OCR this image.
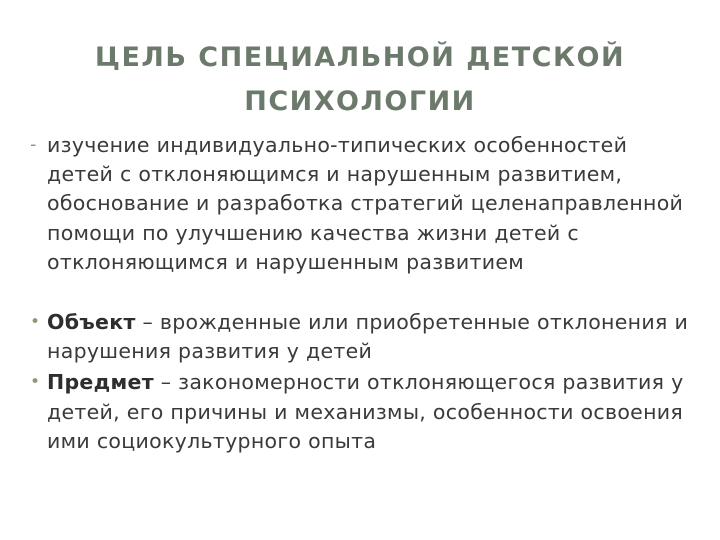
ЦЕЛЬ СПЕЦИАЛЬНОЙ ДЕТСКОЙ ПСИХОЛОГИИ
- изучение индивидуально-типических особенностей детей с отклоняющимся и нарушенным развитием, обоснование и разработка стратегий целенаправленной помощи по улучшению качества жизни детей с отклоняющимся и нарушенным развитием
• Объект – врожденные или приобретенные отклонения и нарушения развития у детей
• Предмет – закономерности отклоняющегося развития у детей, его причины и механизмы, особенности освоения ими социокультурного опыта
